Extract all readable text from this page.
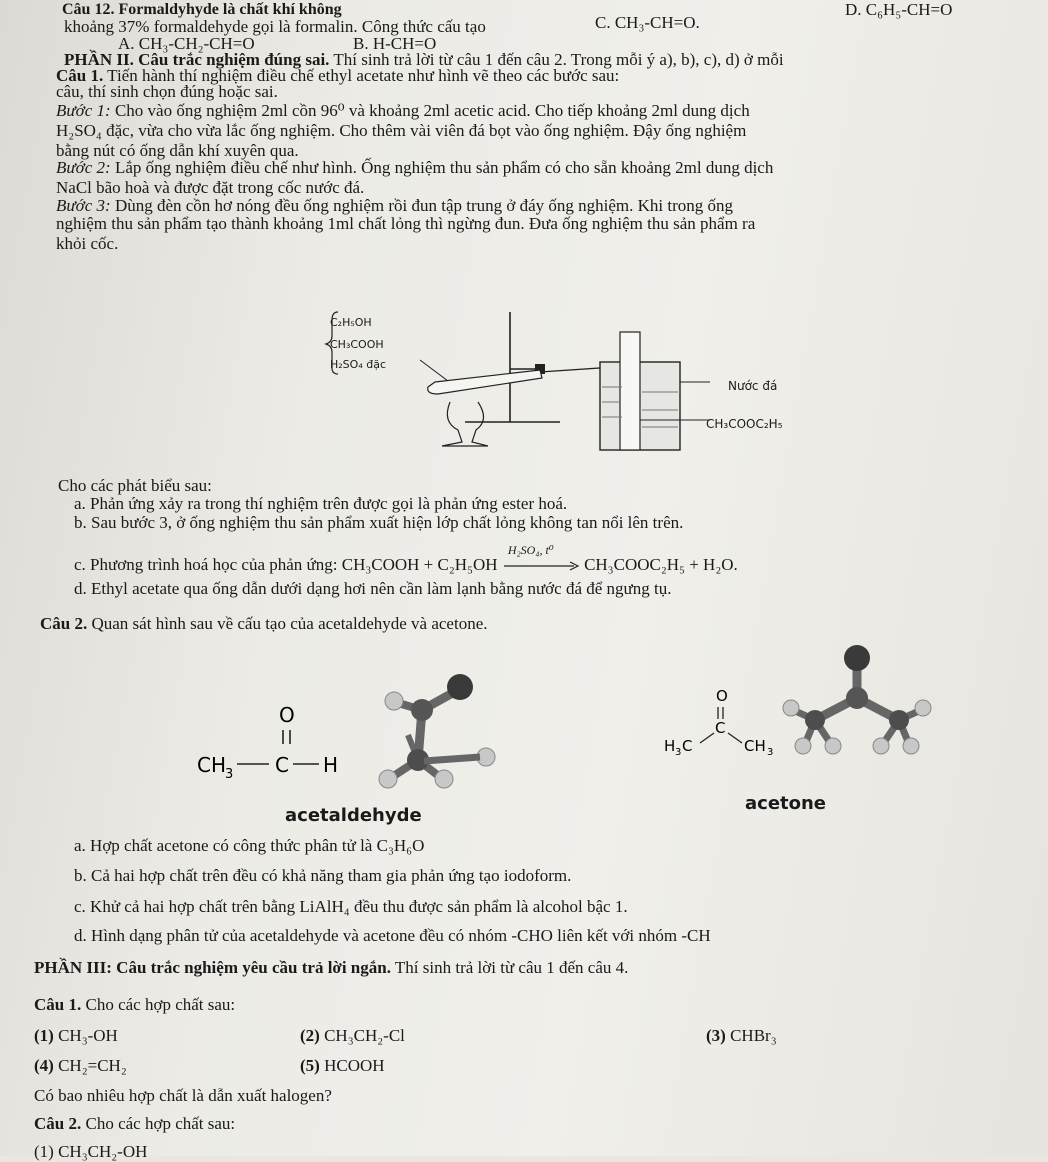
Câu 12. Formaldyhyde là chất khí không
khoảng 37% formaldehyde gọi là formalin. Công thức cấu tạo	C. CH₃-CH=O.
D. C₆H₅-CH=O
A. CH₃-CH₂-CH=O	B. H-CH=O
PHẦN II. Câu trắc nghiệm đúng sai. Thí sinh trả lời từ câu 1 đến câu 2. Trong mỗi ý a), b), c), d) ở mỗi
câu, thí sinh chọn đúng hoặc sai.
Câu 1. Tiến hành thí nghiệm điều chế ethyl acetate như hình vẽ theo các bước sau:
Bước 1: Cho vào ống nghiệm 2ml cồn 96⁰ và khoảng 2ml acetic acid. Cho tiếp khoảng 2ml dung dịch
H₂SO₄ đặc, vừa cho vừa lắc ống nghiệm. Cho thêm vài viên đá bọt vào ống nghiệm. Đậy ống nghiệm
bằng nút có ống dẫn khí xuyên qua.
Bước 2: Lắp ống nghiệm điều chế như hình. Ống nghiệm thu sản phẩm có cho sẵn khoảng 2ml dung dịch
NaCl bão hoà và được đặt trong cốc nước đá.
Bước 3: Dùng đèn cồn hơ nóng đều ống nghiệm rồi đun tập trung ở đáy ống nghiệm. Khi trong ống
nghiệm thu sản phẩm tạo thành khoảng 1ml chất lỏng thì ngừng đun. Đưa ống nghiệm thu sản phẩm ra
khỏi cốc.
C₂H₅OH
CH₃COOH
H₂SO₄ đặc
Nước đá
CH₃COOC₂H₅
Cho các phát biểu sau:
a. Phản ứng xảy ra trong thí nghiệm trên được gọi là phản ứng ester hoá.
b. Sau bước 3, ở ống nghiệm thu sản phẩm xuất hiện lớp chất lỏng không tan nổi lên trên.
c. Phương trình hoá học của phản ứng: CH₃COOH + C₂H₅OH
H₂SO₄, t⁰
CH₃COOC₂H₅ + H₂O.
d. Ethyl acetate qua ống dẫn dưới dạng hơi nên cần làm lạnh bằng nước đá để ngưng tụ.
Câu 2. Quan sát hình sau về cấu tạo của acetaldehyde và acetone.
O
CH
3 C H
acetaldehyde
O
C
H 3 C	CH 3
acetone
a. Hợp chất acetone có công thức phân tử là C₃H₆O
b. Cả hai hợp chất trên đều có khả năng tham gia phản ứng tạo iodoform.
c. Khử cả hai hợp chất trên bằng LiAlH₄ đều thu được sản phẩm là alcohol bậc 1.
d. Hình dạng phân tử của acetaldehyde và acetone đều có nhóm -CHO liên kết với nhóm -CH
PHẦN III: Câu trắc nghiệm yêu cầu trả lời ngắn. Thí sinh trả lời từ câu 1 đến câu 4.
Câu 1. Cho các hợp chất sau:
(1) CH₃-OH	(2) CH₃CH₂-Cl	(3) CHBr₃
(4) CH₂=CH₂	(5) HCOOH
Có bao nhiêu hợp chất là dẫn xuất halogen?
Câu 2. Cho các hợp chất sau:
(1) CH₃CH₂-OH
